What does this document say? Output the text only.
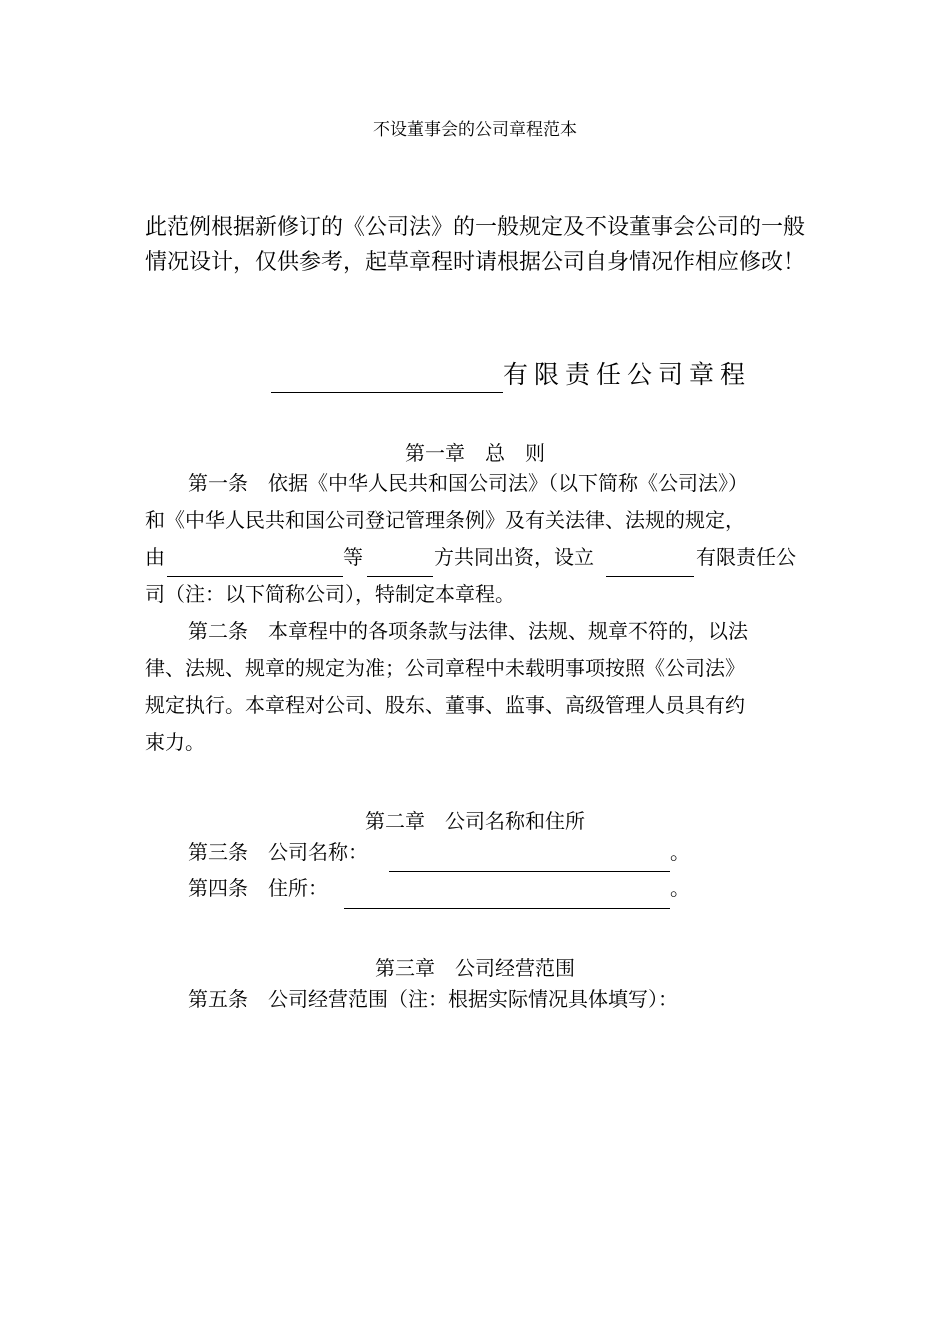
不设董事会的公司章程范本
此范例根据新修订的《公司法》的一般规定及不设董事会公司的一般
情况设计，仅供参考，起草章程时请根据公司自身情况作相应修改！
有限责任公司章程
第一章　总　则
第一条　依据《中华人民共和国公司法》（以下简称《公司法》）
和《中华人民共和国公司登记管理条例》及有关法律、法规的规定，
由	等	方共同出资，设立	有限责任公
司（注：以下简称公司），特制定本章程。
第二条　本章程中的各项条款与法律、法规、规章不符的，以法
律、法规、规章的规定为准；公司章程中未载明事项按照《公司法》
规定执行。本章程对公司、股东、董事、监事、高级管理人员具有约
束力。
第二章　公司名称和住所
第三条　公司名称：	。
第四条　住所：	。
第三章　公司经营范围
第五条　公司经营范围（注：根据实际情况具体填写）：
